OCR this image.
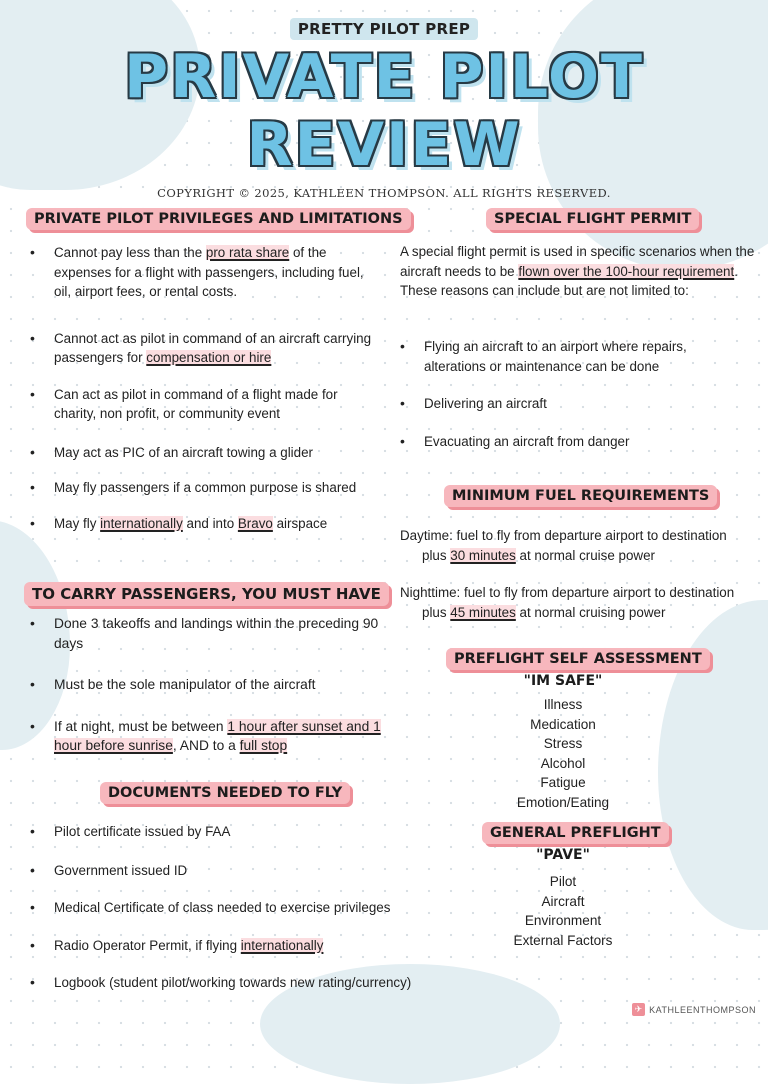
PRETTY PILOT PREP
PRIVATE PILOT
REVIEW
COPYRIGHT © 2025, KATHLEEN THOMPSON. ALL RIGHTS RESERVED.
PRIVATE PILOT PRIVILEGES AND LIMITATIONS
• Cannot pay less than the pro rata share of the expenses for a flight with passengers, including fuel, oil, airport fees, or rental costs.
• Cannot act as pilot in command of an aircraft carrying passengers for compensation or hire
• Can act as pilot in command of a flight made for charity, non profit, or community event
• May act as PIC of an aircraft towing a glider
• May fly passengers if a common purpose is shared
• May fly internationally and into Bravo airspace
TO CARRY PASSENGERS, YOU MUST HAVE
• Done 3 takeoffs and landings within the preceding 90 days
• Must be the sole manipulator of the aircraft
• If at night, must be between 1 hour after sunset and 1 hour before sunrise, AND to a full stop
DOCUMENTS NEEDED TO FLY
• Pilot certificate issued by FAA
• Government issued ID
• Medical Certificate of class needed to exercise privileges
• Radio Operator Permit, if flying internationally
• Logbook (student pilot/working towards new rating/currency)
SPECIAL FLIGHT PERMIT

A special flight permit is used in specific scenarios when the aircraft needs to be flown over the 100-hour requirement. These reasons can include but are not limited to:

• Flying an aircraft to an airport where repairs, alterations or maintenance can be done
• Delivering an aircraft
• Evacuating an aircraft from danger
MINIMUM FUEL REQUIREMENTS

Daytime: fuel to fly from departure airport to destination
plus 30 minutes at normal cruise power

Nighttime: fuel to fly from departure airport to destination
plus 45 minutes at normal cruising power

PREFLIGHT SELF ASSESSMENT
"IM SAFE"
Illness
Medication
Stress
Alcohol
Fatigue
Emotion/Eating
GENERAL PREFLIGHT
"PAVE"
Pilot
Aircraft
Environment
External Factors
✈ KATHLEENTHOMPSON
